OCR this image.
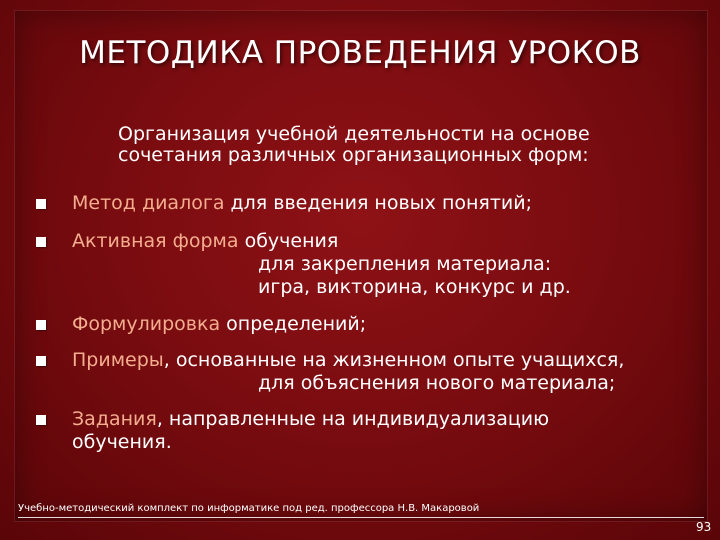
МЕТОДИКА ПРОВЕДЕНИЯ УРОКОВ
Организация учебной деятельности на основе
сочетания различных организационных форм:
Метод диалога для введения новых понятий;
Активная форма обучения
для закрепления материала:
игра, викторина, конкурс и др.
Формулировка определений;
Примеры, основанные на жизненном опыте учащихся,
для объяснения нового материала;
Задания, направленные на индивидуализацию
обучения.
Учебно-методический комплект по информатике под ред. профессора Н.В. Макаровой
93
